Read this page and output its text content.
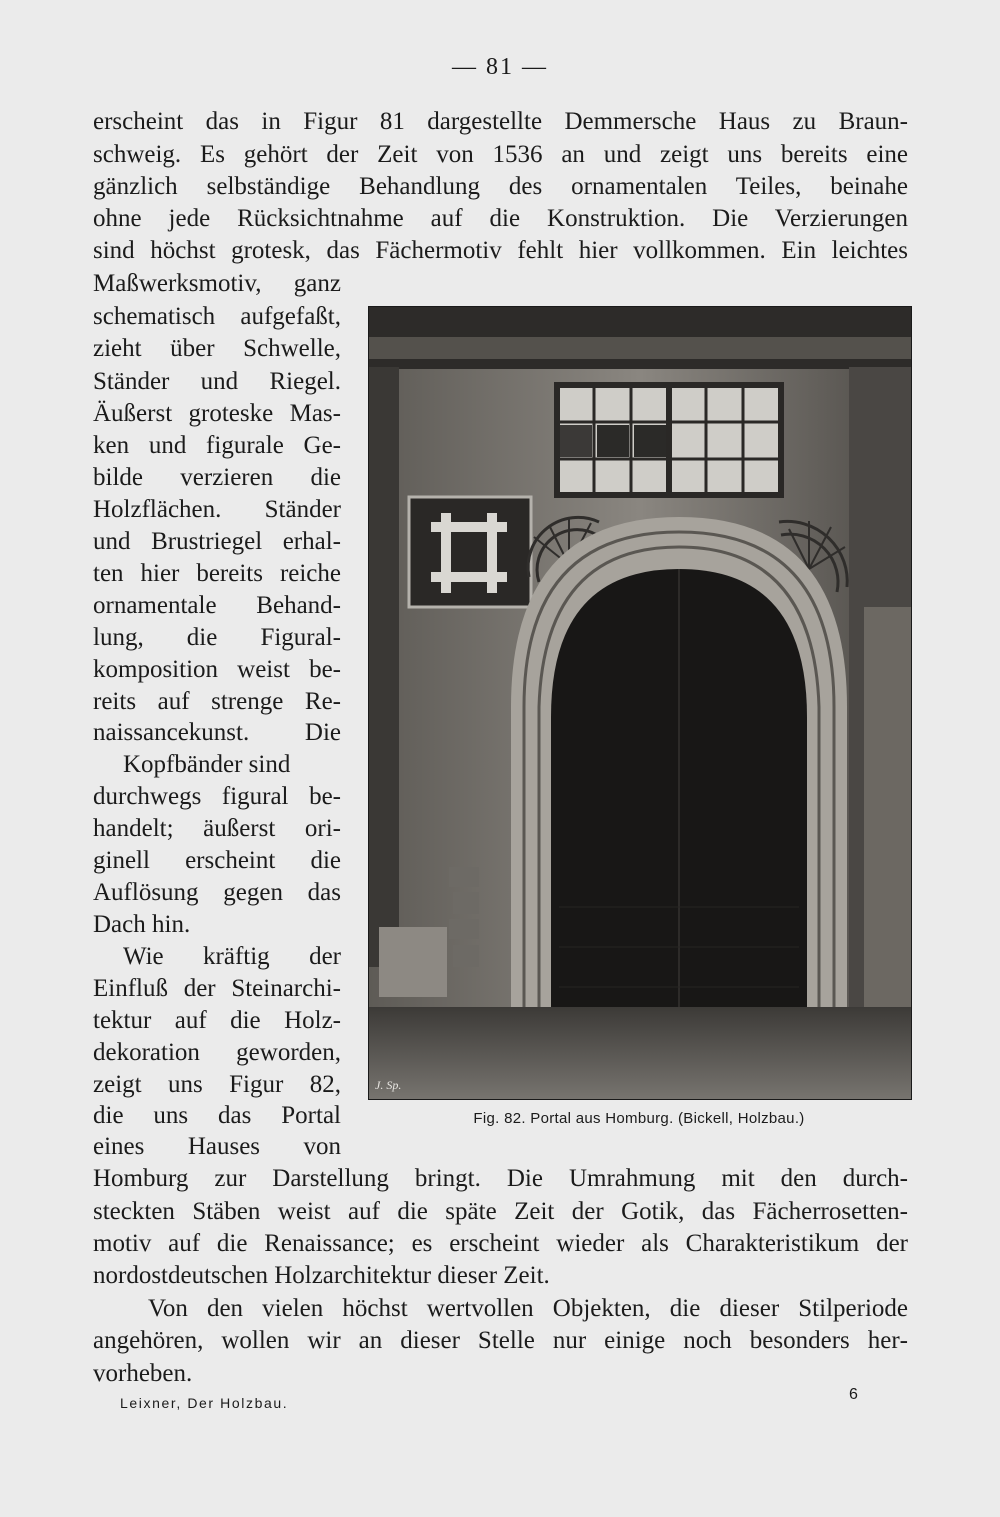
— 81 —
erscheint das in Figur 81 dargestellte Demmersche Haus zu Braun‐
schweig. Es gehört der Zeit von 1536 an und zeigt uns bereits eine
gänzlich selbständige Behandlung des ornamentalen Teiles, beinahe
ohne jede Rücksichtnahme auf die Konstruktion. Die Verzierungen
sind höchst grotesk, das Fächermotiv fehlt hier vollkommen. Ein leichtes
Maßwerksmotiv, ganz
schematisch aufgefaßt,
zieht über Schwelle,
Ständer und Riegel.
Äußerst groteske Mas‐
ken und figurale Ge‐
bilde verzieren die
Holzflächen. Ständer
und Brustriegel erhal‐
ten hier bereits reiche
ornamentale Behand‐
lung, die Figural‐
komposition weist be‐
reits auf strenge Re‐
naissancekunst. Die
Kopfbänder sind
durchwegs figural be‐
handelt; äußerst ori‐
ginell erscheint die
Auflösung gegen das
Dach hin.
Wie kräftig der
Einfluß der Steinarchi‐
tektur auf die Holz‐
dekoration geworden,
zeigt uns Figur 82,
die uns das Portal
eines Hauses von
Homburg zur Darstellung bringt. Die Umrahmung mit den durch‐
steckten Stäben weist auf die späte Zeit der Gotik, das Fächerrosetten‐
motiv auf die Renaissance; es erscheint wieder als Charakteristikum der
nordostdeutschen Holzarchitektur dieser Zeit.
Von den vielen höchst wertvollen Objekten, die dieser Stilperiode
angehören, wollen wir an dieser Stelle nur einige noch besonders her‐
vorheben.
J. Sp.
Fig. 82. Portal aus Homburg. (Bickell, Holzbau.)
Leixner, Der Holzbau.	6
